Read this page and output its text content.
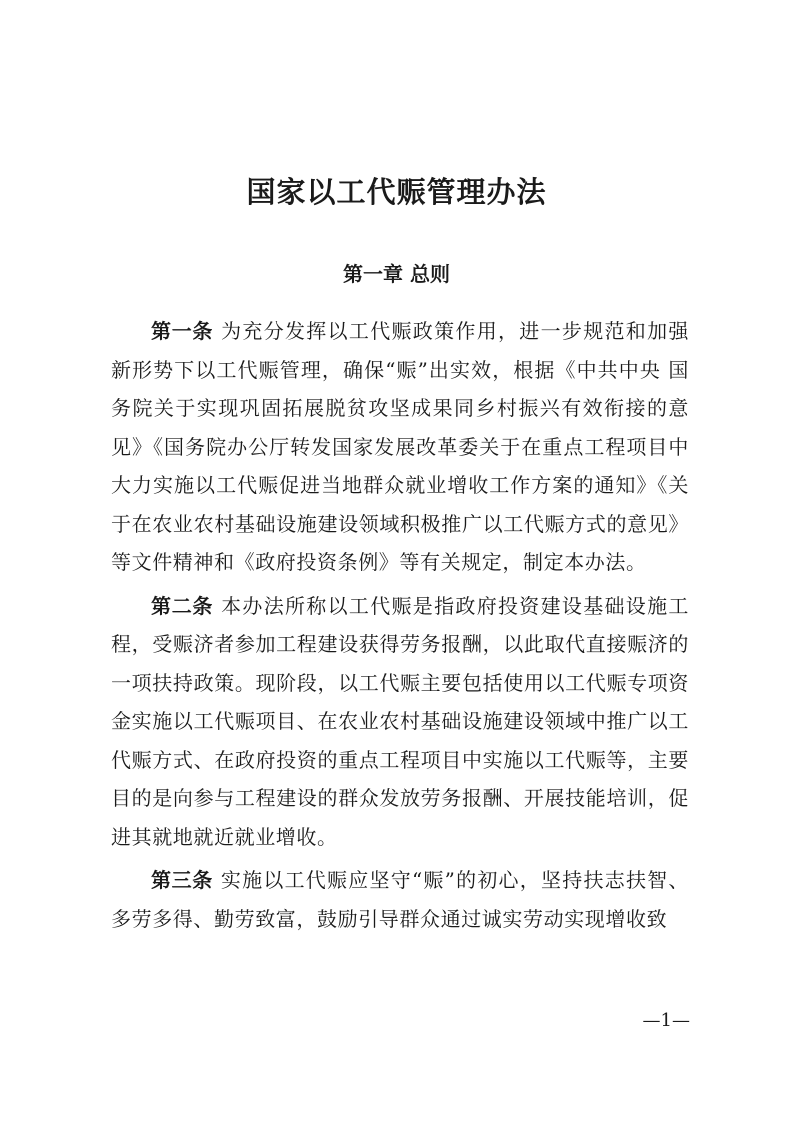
国家以工代赈管理办法
第一章 总则

第一条 为充分发挥以工代赈政策作用，进一步规范和加强新形势下以工代赈管理，确保“赈”出实效，根据《中共中央 国务院关于实现巩固拓展脱贫攻坚成果同乡村振兴有效衔接的意见》《国务院办公厅转发国家发展改革委关于在重点工程项目中大力实施以工代赈促进当地群众就业增收工作方案的通知》《关于在农业农村基础设施建设领域积极推广以工代赈方式的意见》等文件精神和《政府投资条例》等有关规定，制定本办法。

第二条 本办法所称以工代赈是指政府投资建设基础设施工程，受赈济者参加工程建设获得劳务报酬，以此取代直接赈济的一项扶持政策。现阶段，以工代赈主要包括使用以工代赈专项资金实施以工代赈项目、在农业农村基础设施建设领域中推广以工代赈方式、在政府投资的重点工程项目中实施以工代赈等，主要目的是向参与工程建设的群众发放劳务报酬、开展技能培训，促进其就地就近就业增收。

第三条 实施以工代赈应坚守“赈”的初心，坚持扶志扶智、多劳多得、勤劳致富，鼓励引导群众通过诚实劳动实现增收致

—1—
